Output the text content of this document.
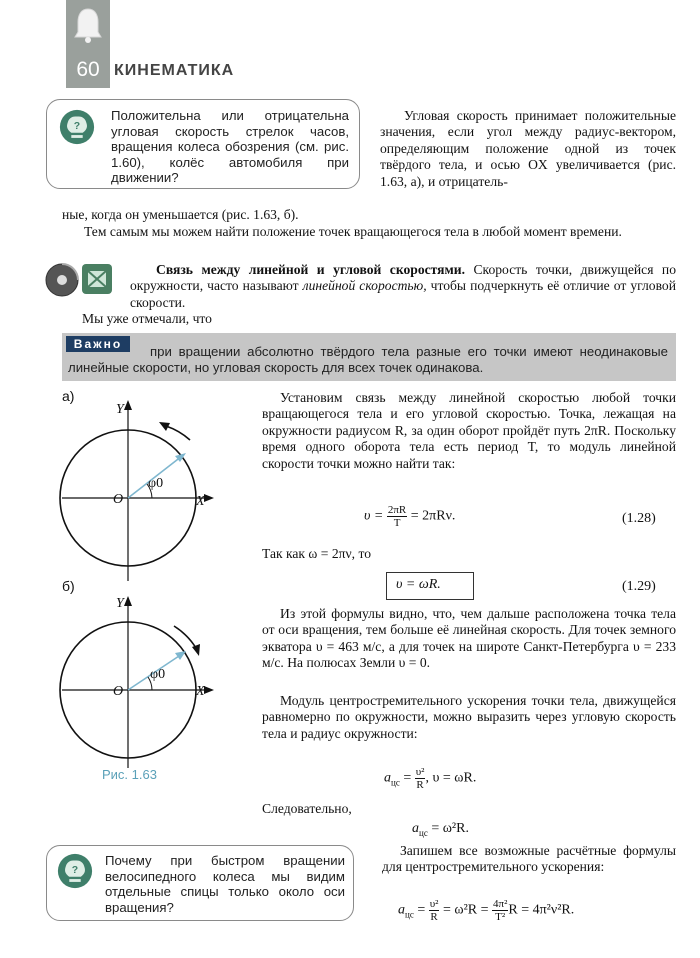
60 КИНЕМАТИКА
?
Положительна или отрицательна угловая скорость стрелок часов, вращения колеса обозрения (см. рис. 1.60), колёс автомобиля при движении?
Угловая скорость принимает положительные значения, если угол между радиус-вектором, определяющим положение одной из точек твёрдого тела, и осью OX увеличивается (рис. 1.63, а), и отрицатель-
ные, когда он уменьшается (рис. 1.63, б).
Тем самым мы можем найти положение точек вращающегося тела в любой момент времени.
Связь между линейной и угловой скоростями. Скорость точки, движущейся по окружности, часто называют линейной скоростью, чтобы подчеркнуть её отличие от угловой скорости.
Мы уже отмечали, что
Важно	при вращении абсолютно твёрдого тела разные его точки имеют неодинаковые линейные скорости, но угловая скорость для всех точек одинакова.
а)
Y
X
O
φ0
б)
Y
X
O
φ0
Рис. 1.63
Установим связь между линейной скоростью любой точки вращающегося тела и его угловой скоростью. Точка, лежащая на окружности радиусом R, за один оборот пройдёт путь 2πR. Поскольку время одного оборота тела есть период T, то модуль линейной скорости точки можно найти так:
$\upsilon = \frac{2\pi R}{T} = 2\pi R\nu$.	(1.28)
Так как ω = 2πν, то
υ = ωR.	(1.29)
Из этой формулы видно, что, чем дальше расположена точка тела от оси вращения, тем больше её линейная скорость. Для точек земного экватора υ = 463 м/с, а для точек на широте Санкт-Петербурга υ = 233 м/с. На полюсах Земли υ = 0.
Модуль центростремительного ускорения точки тела, движущейся равномерно по окружности, можно выразить через угловую скорость тела и радиус окружности:
$a_{цс} = \frac{\text{υ²}}{R}$ , υ = ωR.
Следовательно,
$a_{цс} = \omega^2R$.
Запишем все возможные расчётные формулы для центростремительного ускорения:
$a_{цс} = \frac{\text{υ²}}{R} = \omega^2R = \frac{\text{4π²}}{\text{T²}}$ R = 4π²ν²R.
?
Почему при быстром вращении велосипедного колеса мы видим отдельные спицы только около оси вращения?
